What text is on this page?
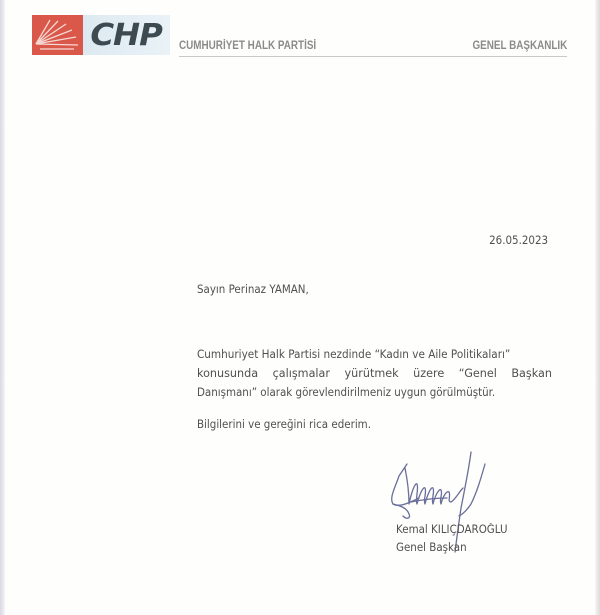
CHP CUMHURİYET HALK PARTİSİ	GENEL BAŞKANLIK
26.05.2023
Sayın Perinaz YAMAN,
Cumhuriyet Halk Partisi nezdinde “Kadın ve Aile Politikaları”
konusunda çalışmalar yürütmek üzere “Genel Başkan
Danışmanı” olarak görevlendirilmeniz uygun görülmüştür.
Bilgilerini ve gereğini rica ederim.
Kemal KILIÇDAROĞLU
Genel Başkan
